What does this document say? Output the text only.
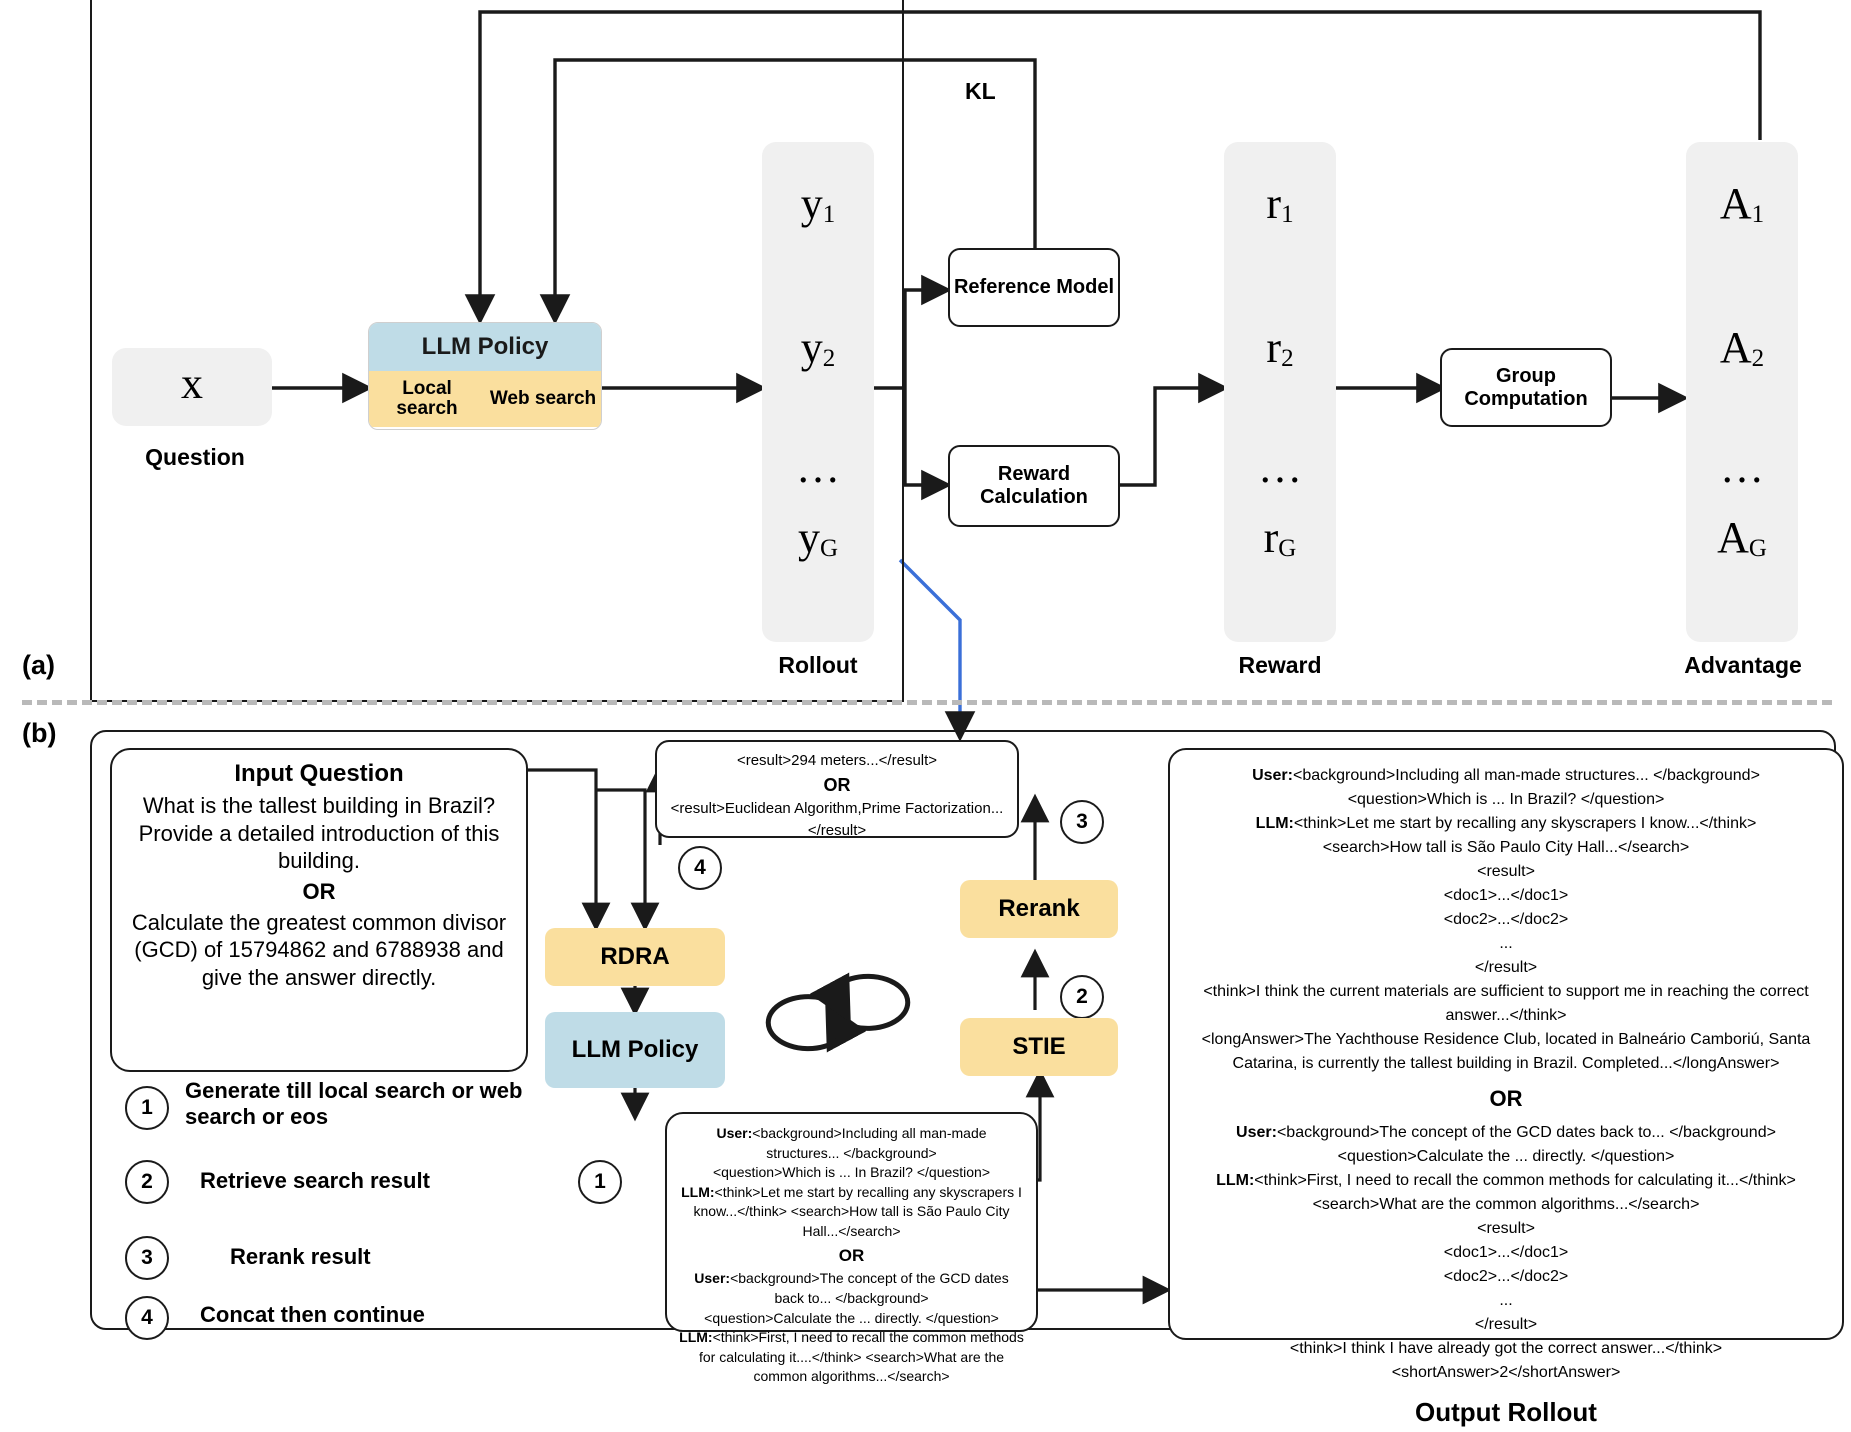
(a)
x
Question
LLM Policy
Local search	Web search
y1
y2
…
yG
Rollout
Reference Model
Reward Calculation
KL
r1
r2
…
rG
Reward
Group Computation
A1
A2
…
AG
Advantage
(b)
Input Question
What is the tallest building in Brazil? Provide a detailed introduction of this building.
OR
Calculate the greatest common divisor (GCD) of 15794862 and 6788938 and give the answer directly.
1
Generate till local search or web search or eos
2	Retrieve search result
3	Rerank result
4	Concat then continue
<result>294 meters...</result>
OR
<result>Euclidean Algorithm,Prime Factorization...</result>
4
3
2
1
RDRA
LLM Policy
Rerank
STIE
User:<background>Including all man-made structures... </background>
<question>Which is ... In Brazil? </question>
LLM:<think>Let me start by recalling any skyscrapers I know...</think> <search>How tall is São Paulo City Hall...</search>
OR
User:<background>The concept of the GCD dates back to... </background>
<question>Calculate the ... directly. </question>
LLM:<think>First, I need to recall the common methods for calculating it....</think> <search>What are the common algorithms...</search>
User:<background>Including all man-made structures... </background>
<question>Which is ... In Brazil? </question>
LLM:<think>Let me start by recalling any skyscrapers I know...</think>
<search>How tall is São Paulo City Hall...</search>
<result>
<doc1>...</doc1>
<doc2>...</doc2>
...
</result>
<think>I think the current materials are sufficient to support me in reaching the correct answer...</think>
<longAnswer>The Yachthouse Residence Club, located in Balneário Camboriú, Santa Catarina, is currently the tallest building in Brazil. Completed...</longAnswer>
OR
User:<background>The concept of the GCD dates back to... </background>
<question>Calculate the ... directly. </question>
LLM:<think>First, I need to recall the common methods for calculating it...</think>
<search>What are the common algorithms...</search>
<result>
<doc1>...</doc1>
<doc2>...</doc2>
...
</result>
<think>I think I have already got the correct answer...</think>
<shortAnswer>2</shortAnswer>
Output Rollout
